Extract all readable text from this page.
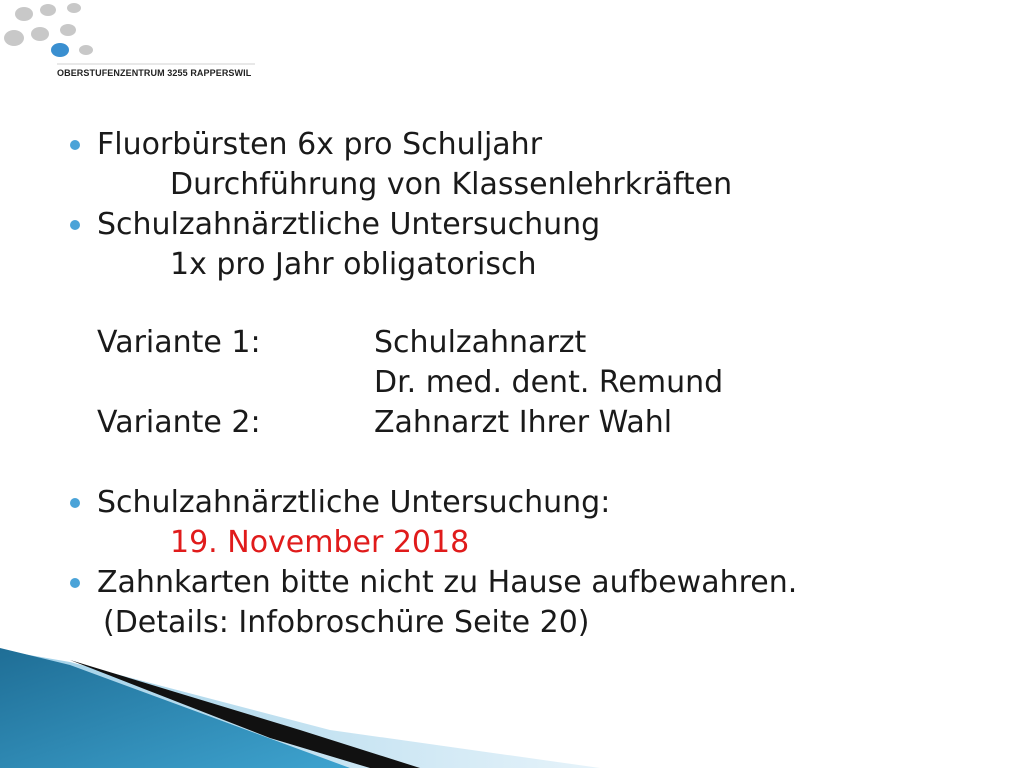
OBERSTUFENZENTRUM 3255 RAPPERSWIL
Fluorbürsten 6x pro Schuljahr
Durchführung von Klassenlehrkräften
Schulzahnärztliche Untersuchung
1x pro Jahr obligatorisch
Variante 1:	Schulzahnarzt
Dr. med. dent. Remund
Variante 2:	Zahnarzt Ihrer Wahl
Schulzahnärztliche Untersuchung:
19. November 2018
Zahnkarten bitte nicht zu Hause aufbewahren.
(Details: Infobroschüre Seite 20)
